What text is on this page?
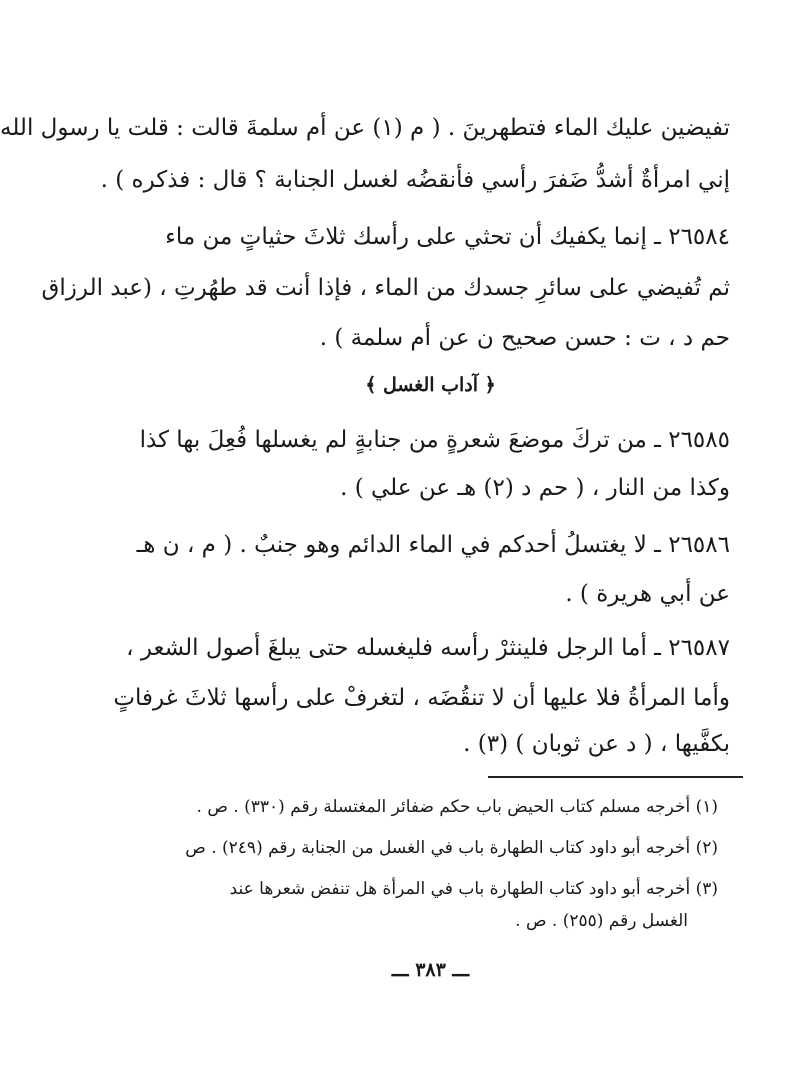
تفيضين عليك الماء فتطهرينَ . ( م (١) عن أم سلمةَ قالت : قلت يا رسول الله
إني امرأةٌ أشدُّ ضَفرَ رأسي فأنقضُه لغسل الجنابة ؟ قال : فذكره ) .
٢٦٥٨٤ ـ إنما يكفيك أن تحثي على رأسك ثلاثَ حثياتٍ من ماء
ثم تُفيضي على سائرِ جسدك من الماء ، فإذا أنت قد طهُرتِ ، (عبد الرزاق
حم د ، ت : حسن صحيح ن عن أم سلمة ) .
﴿ آداب الغسل ﴾
٢٦٥٨٥ ـ من تركَ موضعَ شعرةٍ من جنابةٍ لم يغسلها فُعِلَ بها كذا
وكذا من النار ، ( حم د (٢) هـ عن علي ) .
٢٦٥٨٦ ـ لا يغتسلُ أحدكم في الماء الدائم وهو جنبٌ . ( م ، ن هـ
عن أبي هريرة ) .
٢٦٥٨٧ ـ أما الرجل فلينثرْ رأسه فليغسله حتى يبلغَ أصول الشعر ،
وأما المرأةُ فلا عليها أن لا تنقُضَه ، لتغرفْ على رأسها ثلاثَ غرفاتٍ
بكفَّيها ، ( د عن ثوبان ) (٣) .
(١) أخرجه مسلم كتاب الحيض باب حكم ضفائر المغتسلة رقم (٣٣٠) . ص .
(٢) أخرجه أبو داود كتاب الطهارة باب في الغسل من الجنابة رقم (٢٤٩) . ص
(٣) أخرجه أبو داود كتاب الطهارة باب في المرأة هل تنفض شعرها عند
الغسل رقم (٢٥٥) . ص .
ـــ ٣٨٣ ـــ
